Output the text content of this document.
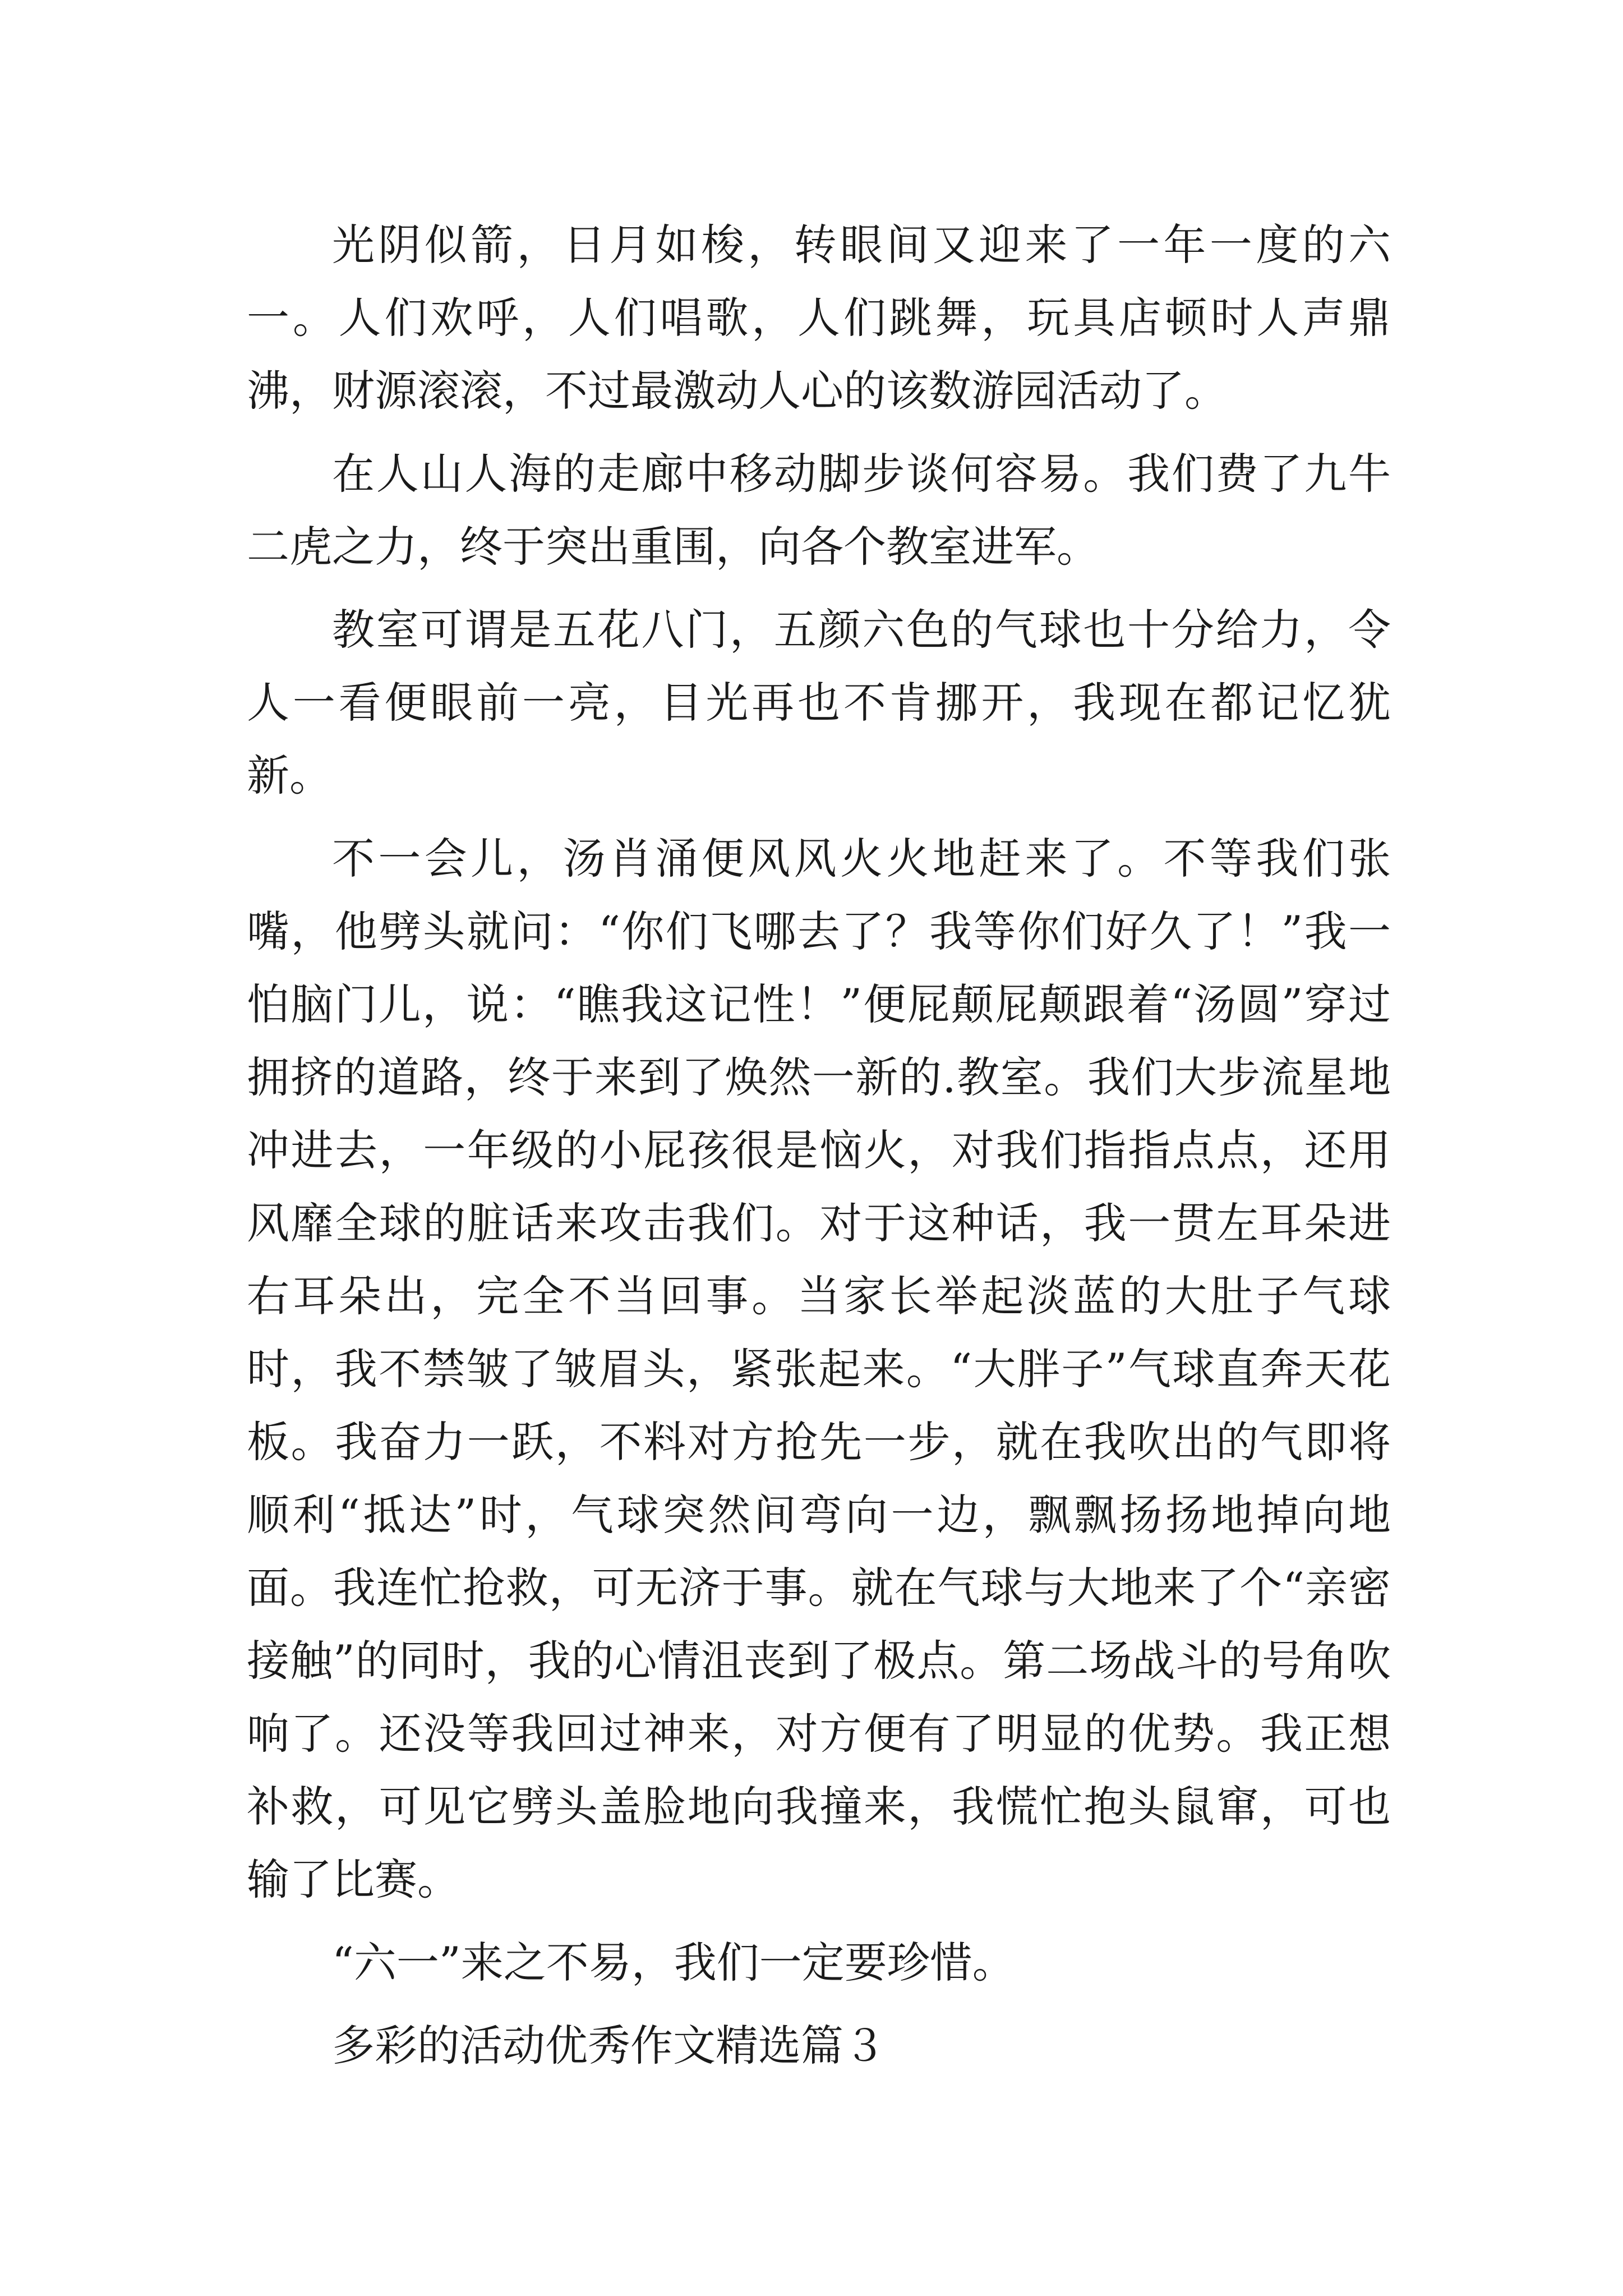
光阴似箭，日月如梭，转眼间又迎来了一年一度的六一。人们欢呼，人们唱歌，人们跳舞，玩具店顿时人声鼎沸，财源滚滚，不过最激动人心的该数游园活动了。

在人山人海的走廊中移动脚步谈何容易。我们费了九牛二虎之力，终于突出重围，向各个教室进军。

教室可谓是五花八门，五颜六色的气球也十分给力，令人一看便眼前一亮，目光再也不肯挪开，我现在都记忆犹新。

不一会儿，汤肖涌便风风火火地赶来了。不等我们张嘴，他劈头就问：“你们飞哪去了？我等你们好久了！”我一怕脑门儿，说：“瞧我这记性！”便屁颠屁颠跟着“汤圆”穿过拥挤的道路，终于来到了焕然一新的.教室。我们大步流星地冲进去，一年级的小屁孩很是恼火，对我们指指点点，还用风靡全球的脏话来攻击我们。对于这种话，我一贯左耳朵进右耳朵出，完全不当回事。当家长举起淡蓝的大肚子气球时，我不禁皱了皱眉头，紧张起来。“大胖子”气球直奔天花板。我奋力一跃，不料对方抢先一步，就在我吹出的气即将顺利“抵达”时，气球突然间弯向一边，飘飘扬扬地掉向地面。我连忙抢救，可无济于事。就在气球与大地来了个“亲密接触”的同时，我的心情沮丧到了极点。第二场战斗的号角吹响了。还没等我回过神来，对方便有了明显的优势。我正想补救，可见它劈头盖脸地向我撞来，我慌忙抱头鼠窜，可也输了比赛。

“六一”来之不易，我们一定要珍惜。

多彩的活动优秀作文精选篇３
